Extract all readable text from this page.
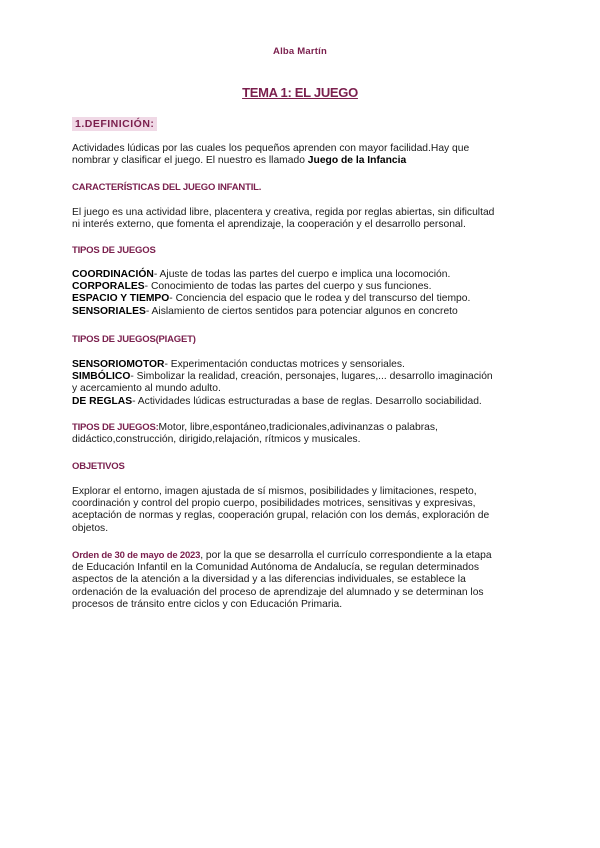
Alba Martín
TEMA 1: EL JUEGO
1.DEFINICIÓN:
Actividades lúdicas por las cuales los pequeños aprenden con mayor facilidad.Hay que
nombrar y clasificar el juego. El nuestro es llamado Juego de la Infancia
CARACTERÍSTICAS DEL JUEGO INFANTIL.
El juego es una actividad libre, placentera y creativa, regida por reglas abiertas, sin dificultad
ni interés externo, que fomenta el aprendizaje, la cooperación y el desarrollo personal.
TIPOS DE JUEGOS
COORDINACIÓN- Ajuste de todas las partes del cuerpo e implica una locomoción.
CORPORALES- Conocimiento de todas las partes del cuerpo y sus funciones.
ESPACIO Y TIEMPO- Conciencia del espacio que le rodea y del transcurso del tiempo.
SENSORIALES- Aislamiento de ciertos sentidos para potenciar algunos en concreto
TIPOS DE JUEGOS(PIAGET)
SENSORIOMOTOR- Experimentación conductas motrices y sensoriales.
SIMBÓLICO- Simbolizar la realidad, creación, personajes, lugares,... desarrollo imaginación
y acercamiento al mundo adulto.
DE REGLAS- Actividades lúdicas estructuradas a base de reglas. Desarrollo sociabilidad.
TIPOS DE JUEGOS:Motor, libre,espontáneo,tradicionales,adivinanzas o palabras,
didáctico,construcción, dirigido,relajación, rítmicos y musicales.
OBJETIVOS
Explorar el entorno, imagen ajustada de sí mismos, posibilidades y limitaciones, respeto,
coordinación y control del propio cuerpo, posibilidades motrices, sensitivas y expresivas,
aceptación de normas y reglas, cooperación grupal, relación con los demás, exploración de
objetos.
Orden de 30 de mayo de 2023, por la que se desarrolla el currículo correspondiente a la etapa
de Educación Infantil en la Comunidad Autónoma de Andalucía, se regulan determinados
aspectos de la atención a la diversidad y a las diferencias individuales, se establece la
ordenación de la evaluación del proceso de aprendizaje del alumnado y se determinan los
procesos de tránsito entre ciclos y con Educación Primaria.
